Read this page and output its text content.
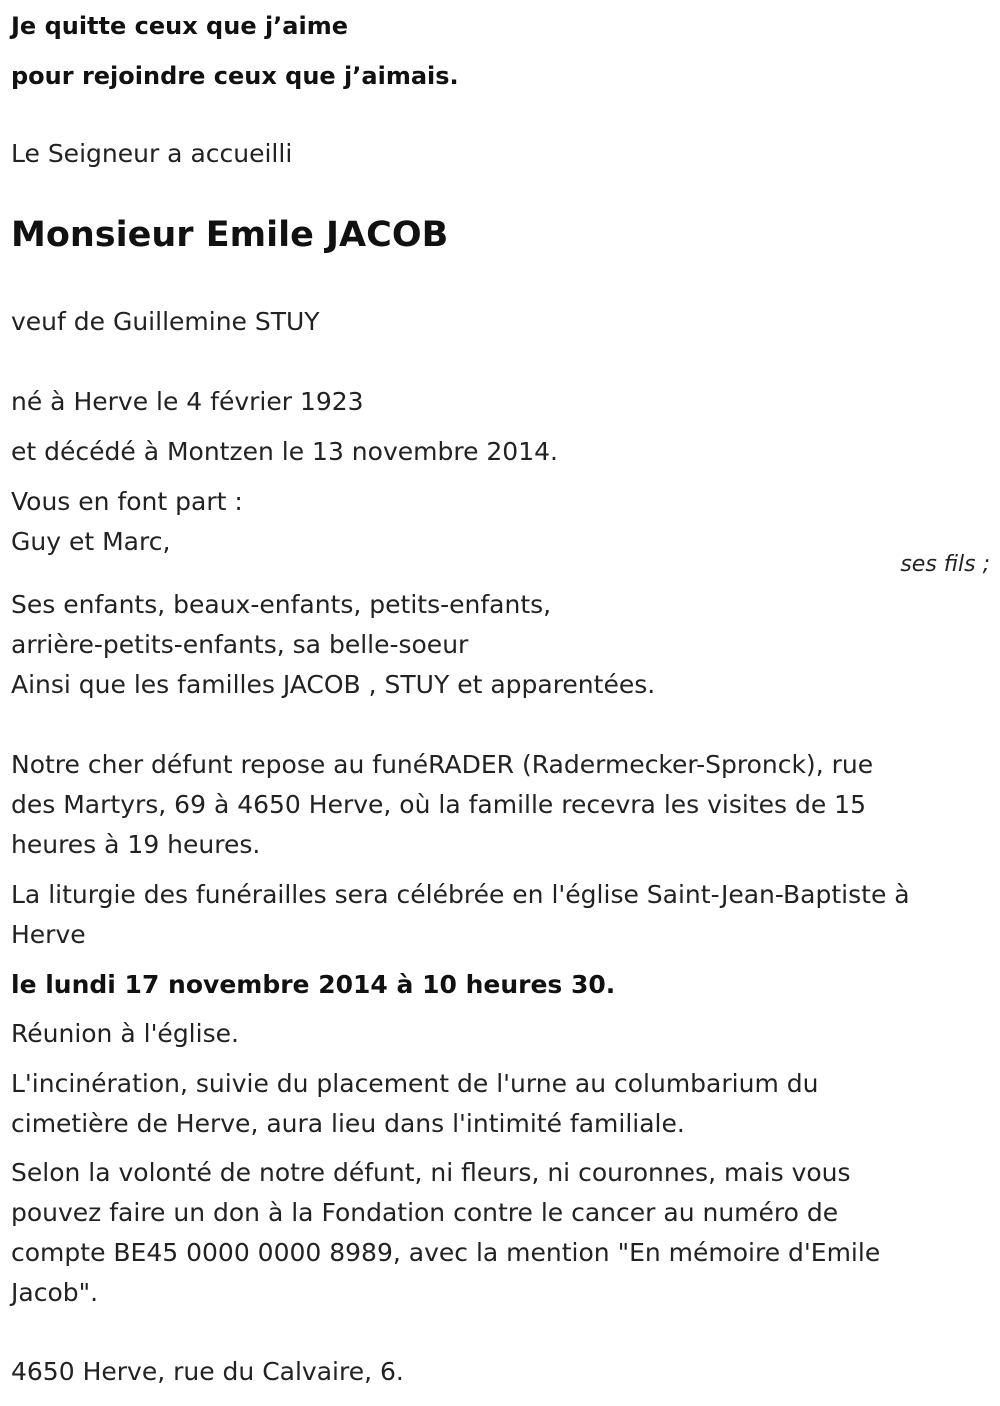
Je quitte ceux que j’aime
pour rejoindre ceux que j’aimais.
Le Seigneur a accueilli
Monsieur Emile JACOB
veuf de Guillemine STUY
né à Herve le 4 février 1923
et décédé à Montzen le 13 novembre 2014.
Vous en font part :
Guy et Marc,
ses fils ;
Ses enfants, beaux-enfants, petits-enfants,
arrière-petits-enfants, sa belle-soeur
Ainsi que les familles JACOB , STUY et apparentées.
Notre cher défunt repose au funéRADER (Radermecker-Spronck), rue
des Martyrs, 69 à 4650 Herve, où la famille recevra les visites de 15
heures à 19 heures.
La liturgie des funérailles sera célébrée en l'église Saint-Jean-Baptiste à
Herve
le lundi 17 novembre 2014 à 10 heures 30.
Réunion à l'église.
L'incinération, suivie du placement de l'urne au columbarium du
cimetière de Herve, aura lieu dans l'intimité familiale.
Selon la volonté de notre défunt, ni fleurs, ni couronnes, mais vous
pouvez faire un don à la Fondation contre le cancer au numéro de
compte BE45 0000 0000 8989, avec la mention "En mémoire d'Emile
Jacob".
4650 Herve, rue du Calvaire, 6.
